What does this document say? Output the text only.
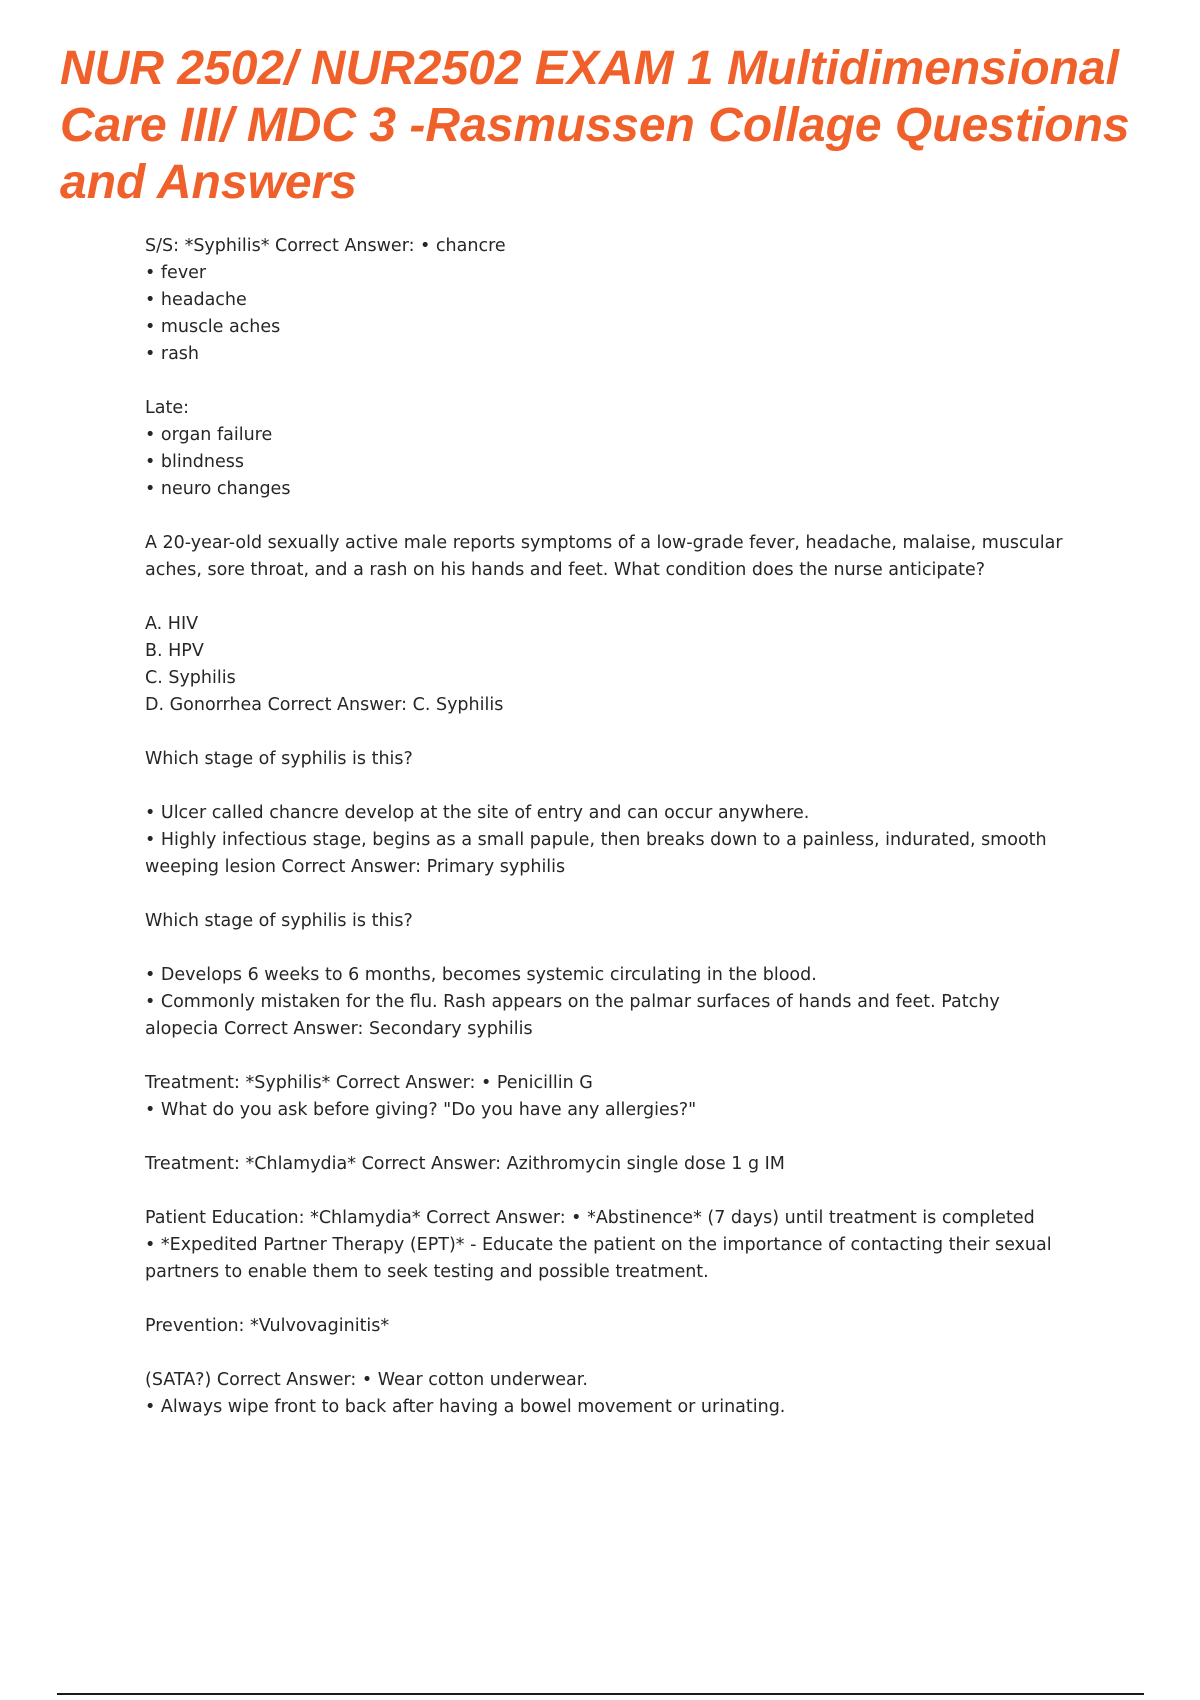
NUR 2502/ NUR2502 EXAM 1 Multidimensional Care III/ MDC 3 -Rasmussen Collage Questions and Answers

S/S: *Syphilis* Correct Answer: • chancre

• fever

• headache

• muscle aches

• rash

Late:

• organ failure

• blindness

• neuro changes

A 20-year-old sexually active male reports symptoms of a low-grade fever, headache, malaise, muscular

aches, sore throat, and a rash on his hands and feet. What condition does the nurse anticipate?

A. HIV

B. HPV

C. Syphilis

D. Gonorrhea Correct Answer: C. Syphilis

Which stage of syphilis is this?

• Ulcer called chancre develop at the site of entry and can occur anywhere.

• Highly infectious stage, begins as a small papule, then breaks down to a painless, indurated, smooth

weeping lesion Correct Answer: Primary syphilis

Which stage of syphilis is this?

• Develops 6 weeks to 6 months, becomes systemic circulating in the blood.

• Commonly mistaken for the flu. Rash appears on the palmar surfaces of hands and feet. Patchy

alopecia Correct Answer: Secondary syphilis

Treatment: *Syphilis* Correct Answer: • Penicillin G

• What do you ask before giving? "Do you have any allergies?"

Treatment: *Chlamydia* Correct Answer: Azithromycin single dose 1 g IM

Patient Education: *Chlamydia* Correct Answer: • *Abstinence* (7 days) until treatment is completed

• *Expedited Partner Therapy (EPT)* - Educate the patient on the importance of contacting their sexual

partners to enable them to seek testing and possible treatment.

Prevention: *Vulvovaginitis*

(SATA?) Correct Answer: • Wear cotton underwear.

• Always wipe front to back after having a bowel movement or urinating.
